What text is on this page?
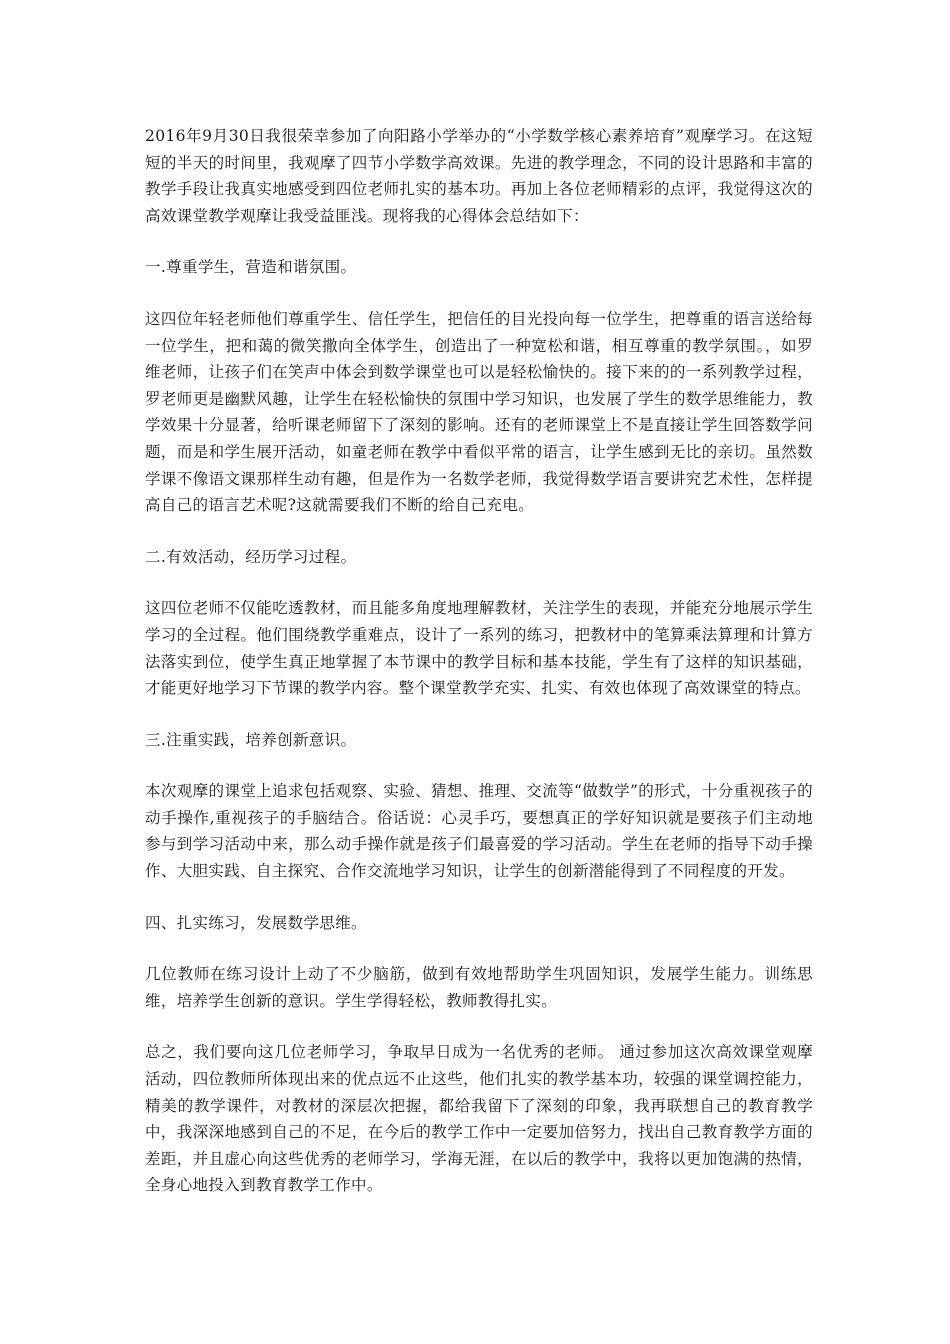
2016年9月30日我很荣幸参加了向阳路小学举办的“小学数学核心素养培育”观摩学习。在这短短的半天的时间里，我观摩了四节小学数学高效课。先进的教学理念，不同的设计思路和丰富的教学手段让我真实地感受到四位老师扎实的基本功。再加上各位老师精彩的点评，我觉得这次的高效课堂教学观摩让我受益匪浅。现将我的心得体会总结如下：

一.尊重学生，营造和谐氛围。

这四位年轻老师他们尊重学生、信任学生，把信任的目光投向每一位学生，把尊重的语言送给每一位学生，把和蔼的微笑撒向全体学生，创造出了一种宽松和谐，相互尊重的教学氛围。，如罗维老师，让孩子们在笑声中体会到数学课堂也可以是轻松愉快的。接下来的的一系列教学过程，罗老师更是幽默风趣，让学生在轻松愉快的氛围中学习知识，也发展了学生的数学思维能力，教学效果十分显著，给听课老师留下了深刻的影响。还有的老师课堂上不是直接让学生回答数学问题，而是和学生展开活动，如童老师在教学中看似平常的语言，让学生感到无比的亲切。虽然数学课不像语文课那样生动有趣，但是作为一名数学老师，我觉得数学语言要讲究艺术性，怎样提高自己的语言艺术呢?这就需要我们不断的给自己充电。

二.有效活动，经历学习过程。

这四位老师不仅能吃透教材，而且能多角度地理解教材，关注学生的表现，并能充分地展示学生学习的全过程。他们围绕教学重难点，设计了一系列的练习，把教材中的笔算乘法算理和计算方法落实到位，使学生真正地掌握了本节课中的教学目标和基本技能，学生有了这样的知识基础，才能更好地学习下节课的教学内容。整个课堂教学充实、扎实、有效也体现了高效课堂的特点。

三.注重实践，培养创新意识。

本次观摩的课堂上追求包括观察、实验、猜想、推理、交流等“做数学”的形式，十分重视孩子的动手操作,重视孩子的手脑结合。俗话说：心灵手巧，要想真正的学好知识就是要孩子们主动地参与到学习活动中来，那么动手操作就是孩子们最喜爱的学习活动。学生在老师的指导下动手操作、大胆实践、自主探究、合作交流地学习知识，让学生的创新潜能得到了不同程度的开发。

四、扎实练习，发展数学思维。

几位教师在练习设计上动了不少脑筋，做到有效地帮助学生巩固知识，发展学生能力。训练思维，培养学生创新的意识。学生学得轻松，教师教得扎实。

总之，我们要向这几位老师学习，争取早日成为一名优秀的老师。 通过参加这次高效课堂观摩活动，四位教师所体现出来的优点远不止这些，他们扎实的教学基本功，较强的课堂调控能力，精美的教学课件，对教材的深层次把握，都给我留下了深刻的印象，我再联想自己的教育教学中，我深深地感到自己的不足，在今后的教学工作中一定要加倍努力，找出自己教育教学方面的差距，并且虚心向这些优秀的老师学习，学海无涯，在以后的教学中，我将以更加饱满的热情，全身心地投入到教育教学工作中。
